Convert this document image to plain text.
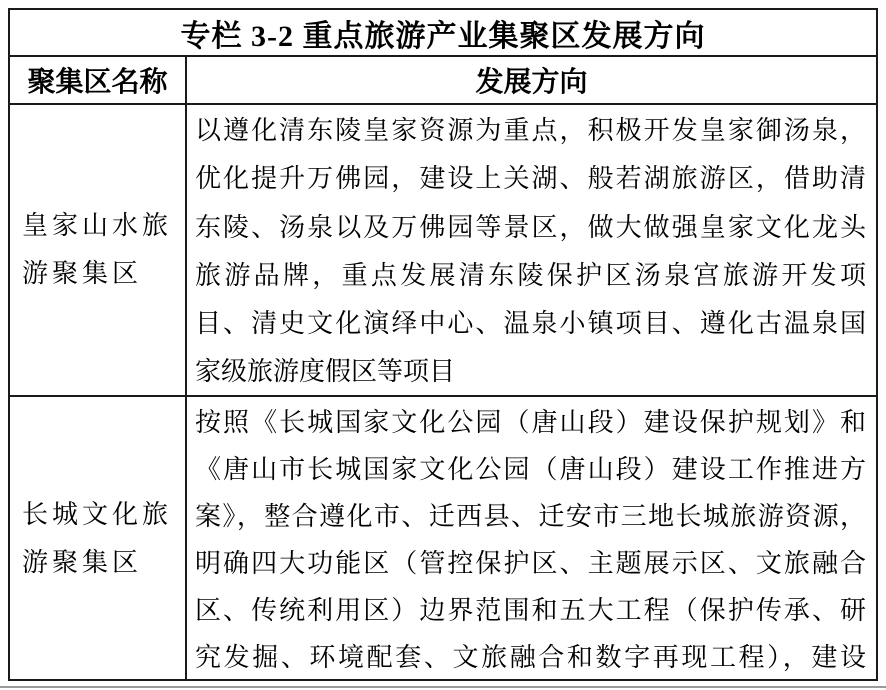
专栏 3-2 重点旅游产业集聚区发展方向
聚集区名称	发展方向
皇家山水旅游聚集区
以遵化清东陵皇家资源为重点，积极开发皇家御汤泉，
优化提升万佛园，建设上关湖、般若湖旅游区，借助清
东陵、汤泉以及万佛园等景区，做大做强皇家文化龙头
旅游品牌，重点发展清东陵保护区汤泉宫旅游开发项
目、清史文化演绎中心、温泉小镇项目、遵化古温泉国
家级旅游度假区等项目
长城文化旅游聚集区
按照《长城国家文化公园（唐山段）建设保护规划》和
《唐山市长城国家文化公园（唐山段）建设工作推进方
案》，整合遵化市、迁西县、迁安市三地长城旅游资源，
明确四大功能区（管控保护区、主题展示区、文旅融合
区、传统利用区）边界范围和五大工程（保护传承、研
究发掘、环境配套、文旅融合和数字再现工程），建设
